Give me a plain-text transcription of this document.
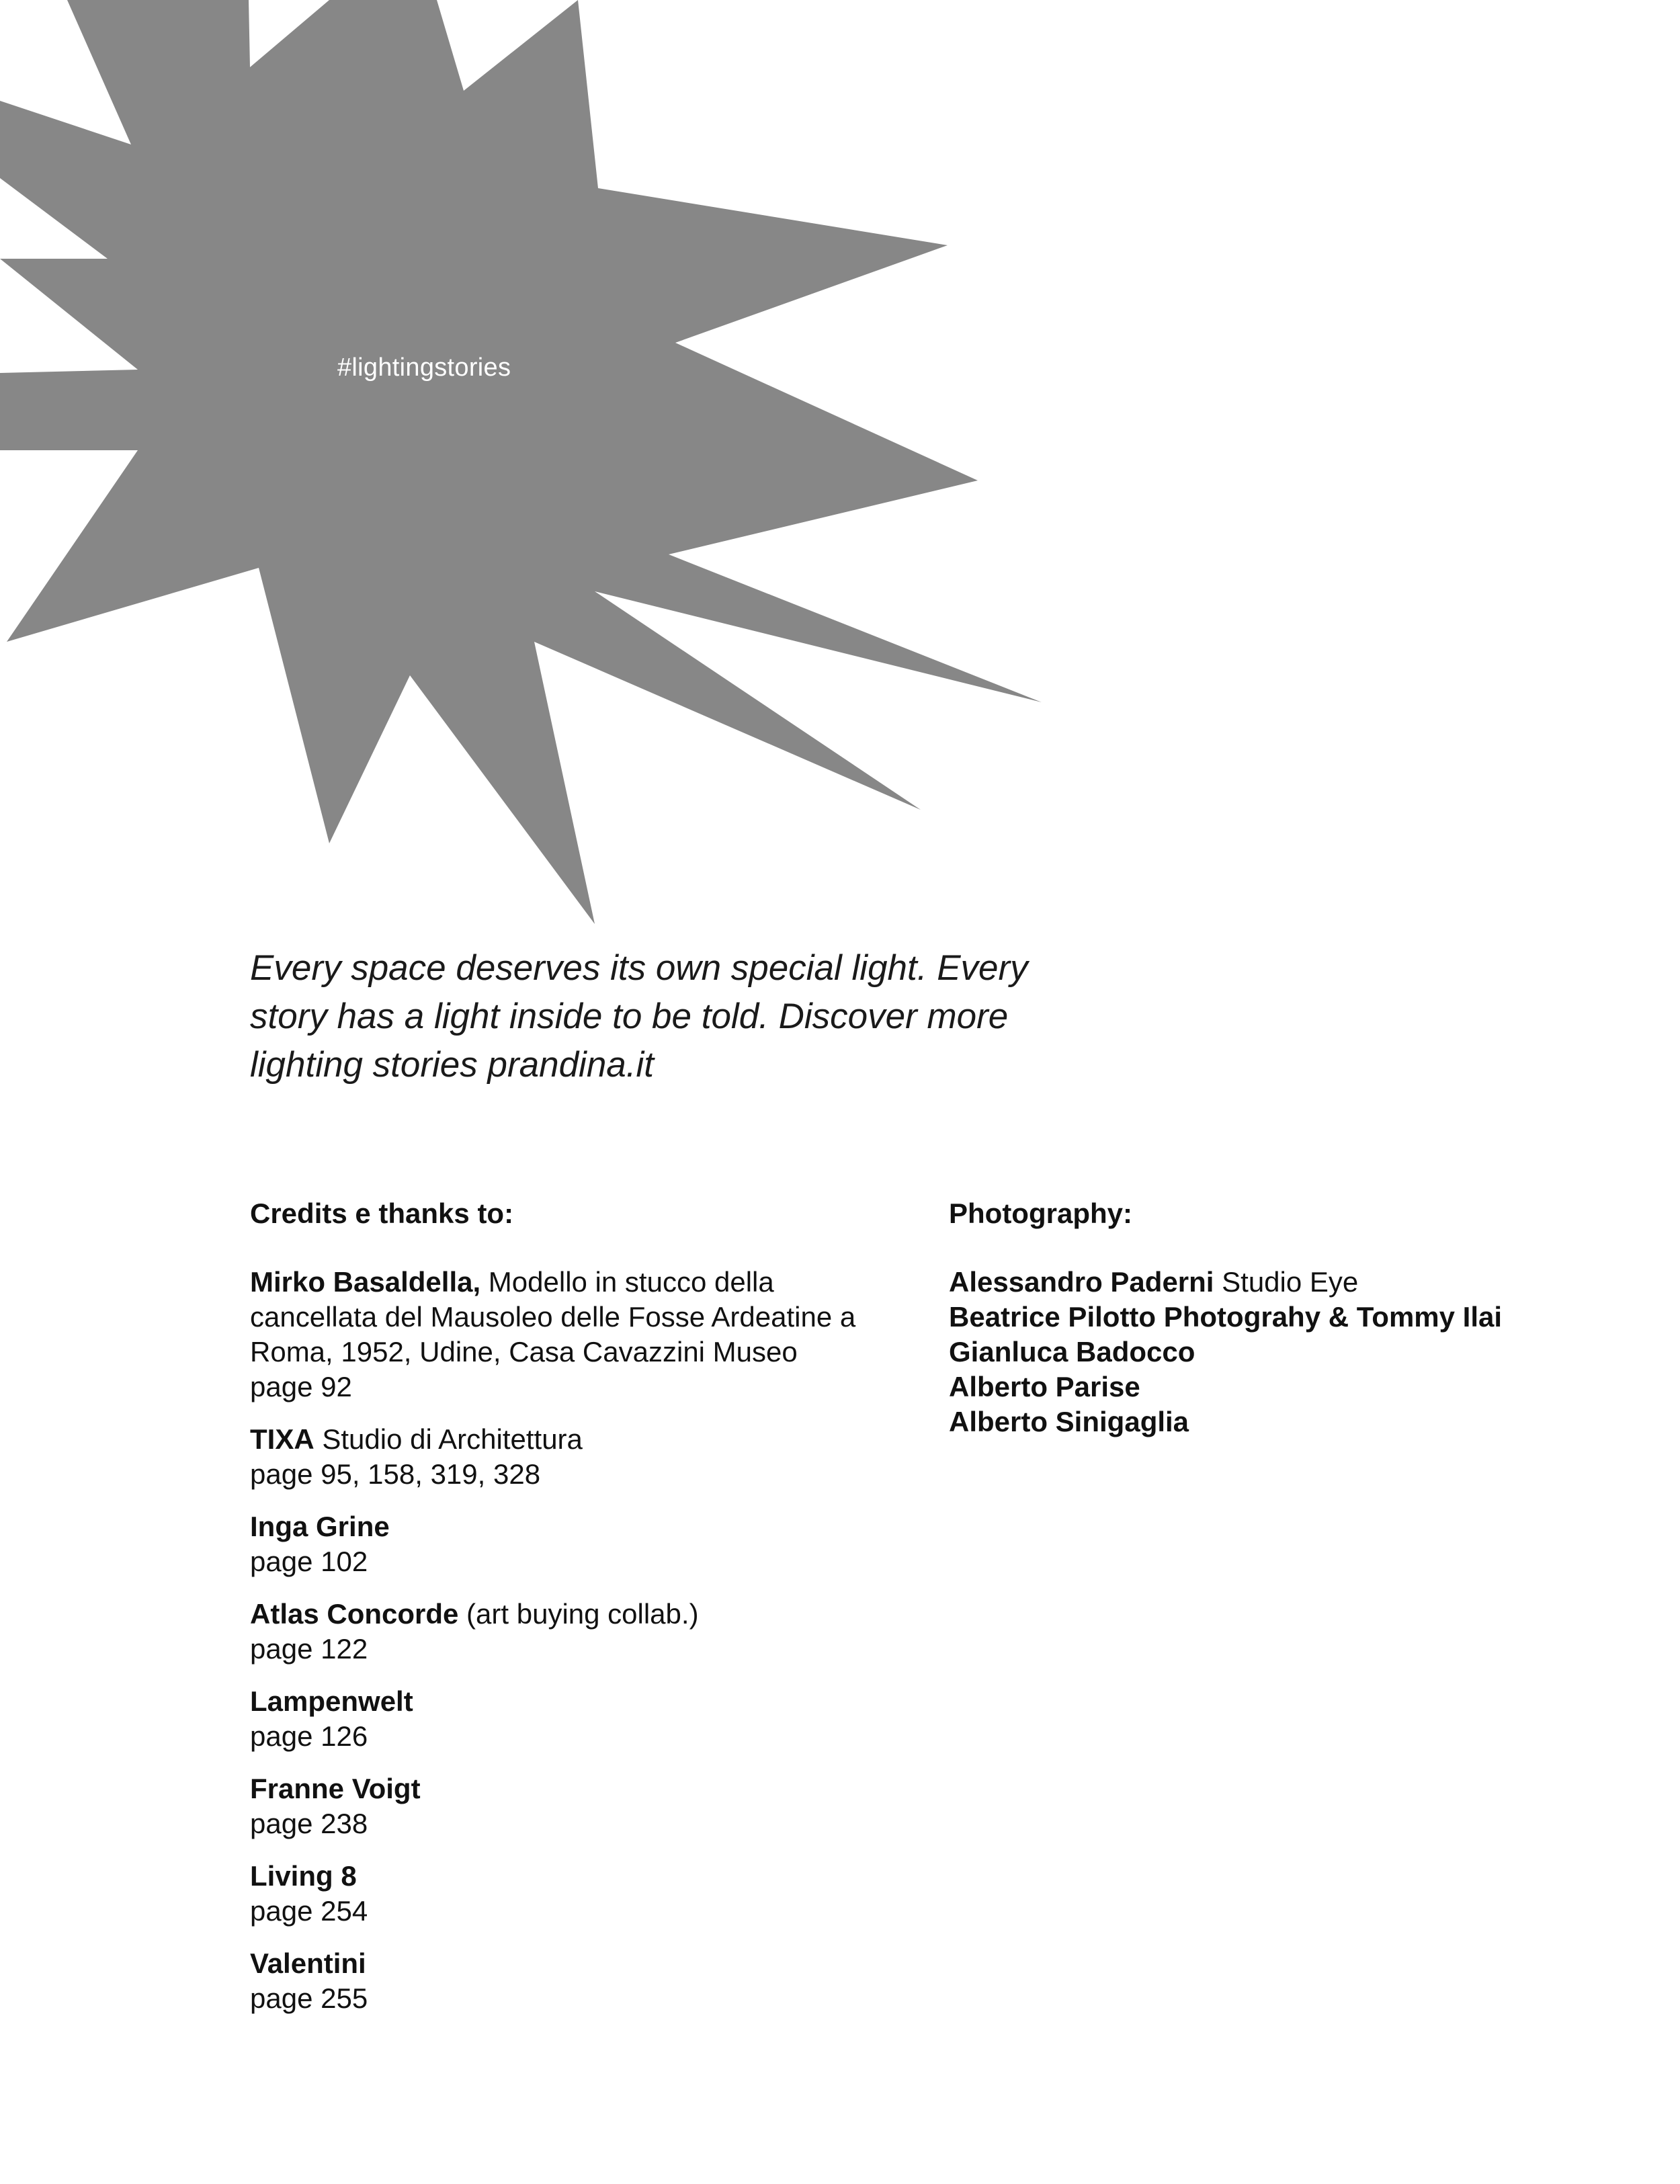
#lightingstories
Every space deserves its own special light. Every story has a light inside to be told. Discover more lighting stories prandina.it
Credits e thanks to:
Mirko Basaldella, Modello in stucco della cancellata del Mausoleo delle Fosse Ardeatine a Roma, 1952, Udine, Casa Cavazzini Museo
page 92
TIXA Studio di Architettura
page 95, 158, 319, 328
Inga Grine
page 102
Atlas Concorde (art buying collab.)
page 122
Lampenwelt
page 126
Franne Voigt
page 238
Living 8
page 254
Valentini
page 255
Photography:
Alessandro Paderni Studio Eye
Beatrice Pilotto Photograhy & Tommy Ilai
Gianluca Badocco
Alberto Parise
Alberto Sinigaglia
